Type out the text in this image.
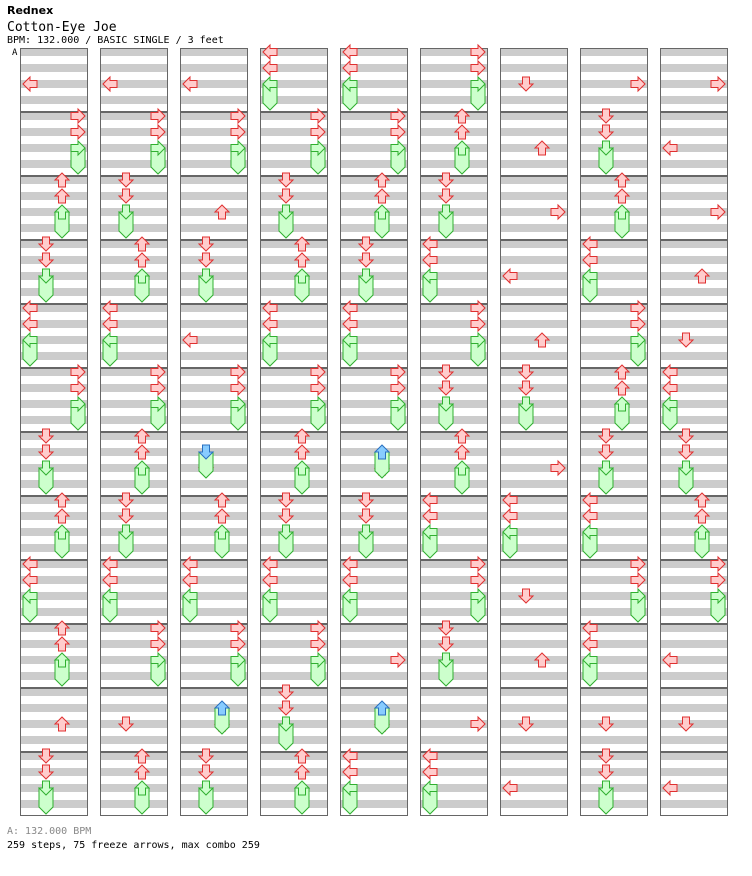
Rednex
Cotton-Eye Joe
BPM: 132.000 / BASIC SINGLE / 3 feet
A
A: 132.000 BPM
259 steps, 75 freeze arrows, max combo 259
